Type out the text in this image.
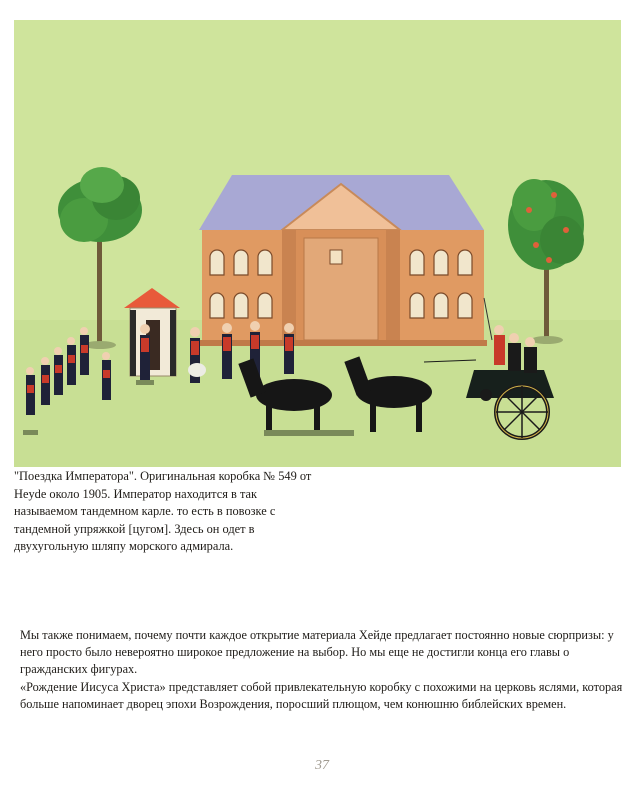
"Поездка Императора". Оригинальная коробка № 549 от Heyde около 1905. Император находится в так называемом тандемном карле. то есть в повозке с тандемной упряжкой [цугом]. Здесь он одет в двухугольную шляпу морского адмирала.

Мы также понимаем, почему почти каждое открытие материала Хейде предлагает постоянно новые сюрпризы: у него просто было невероятно широкое предложение на выбор. Но мы еще не достигли конца его главы о гражданских фигурах.

«Рождение Иисуса Христа» представляет собой привлекательную коробку с похожими на церковь яслями, которая больше напоминает дворец эпохи Возрождения, поросший плющом, чем конюшню библейских времен.

37
